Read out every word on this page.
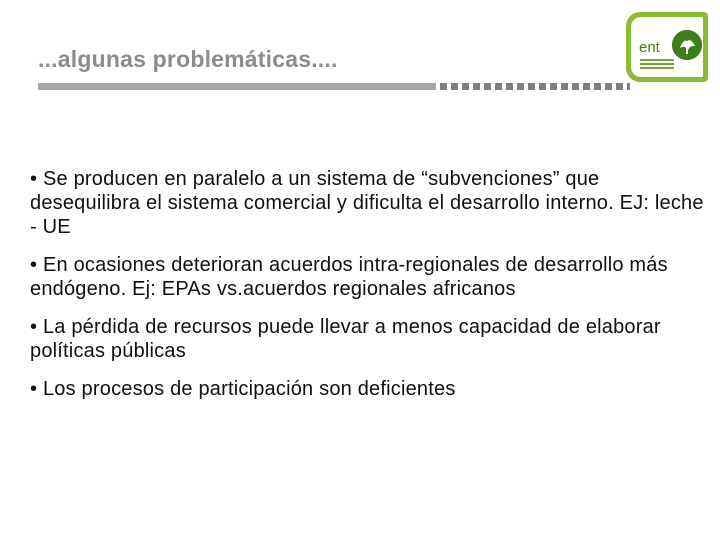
...algunas problemáticas....	ent
• Se producen en paralelo a un sistema de “subvenciones” que desequilibra el sistema comercial y dificulta el desarrollo interno. EJ: leche - UE
• En ocasiones deterioran acuerdos intra-regionales de desarrollo más endógeno. Ej: EPAs vs.acuerdos regionales africanos
• La pérdida de recursos puede llevar a menos capacidad de elaborar políticas públicas
• Los procesos de participación son deficientes
